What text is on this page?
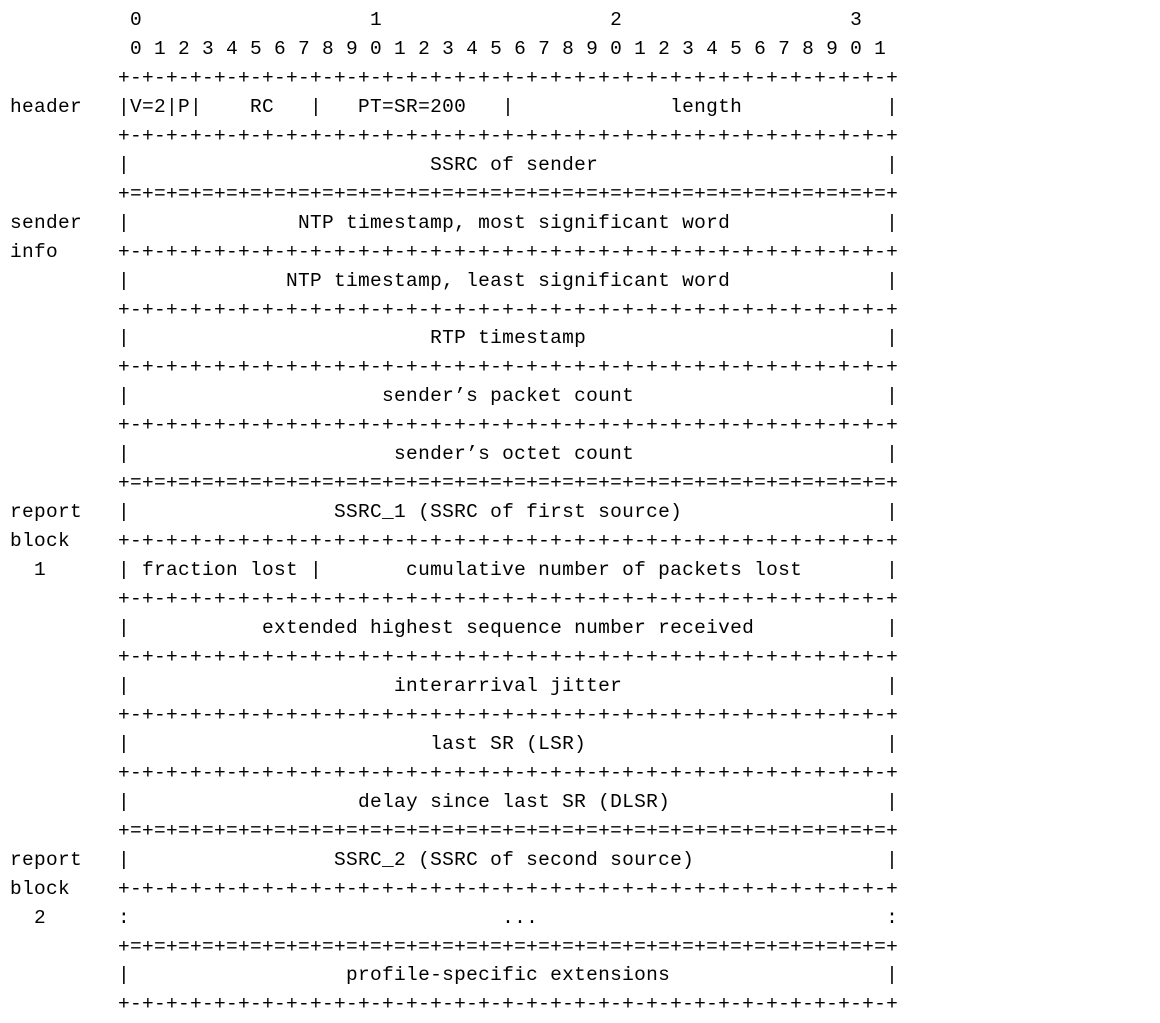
0                   1                   2                   3
0 1 2 3 4 5 6 7 8 9 0 1 2 3 4 5 6 7 8 9 0 1 2 3 4 5 6 7 8 9 0 1
+-+-+-+-+-+-+-+-+-+-+-+-+-+-+-+-+-+-+-+-+-+-+-+-+-+-+-+-+-+-+-+-+
header   |V=2|P|    RC   |   PT=SR=200   |             length            |
+-+-+-+-+-+-+-+-+-+-+-+-+-+-+-+-+-+-+-+-+-+-+-+-+-+-+-+-+-+-+-+-+
|                         SSRC of sender                        |
+=+=+=+=+=+=+=+=+=+=+=+=+=+=+=+=+=+=+=+=+=+=+=+=+=+=+=+=+=+=+=+=+
sender   |              NTP timestamp, most significant word             |
info     +-+-+-+-+-+-+-+-+-+-+-+-+-+-+-+-+-+-+-+-+-+-+-+-+-+-+-+-+-+-+-+-+
|             NTP timestamp, least significant word             |
+-+-+-+-+-+-+-+-+-+-+-+-+-+-+-+-+-+-+-+-+-+-+-+-+-+-+-+-+-+-+-+-+
|                         RTP timestamp                         |
+-+-+-+-+-+-+-+-+-+-+-+-+-+-+-+-+-+-+-+-+-+-+-+-+-+-+-+-+-+-+-+-+
|                     sender’s packet count                     |
+-+-+-+-+-+-+-+-+-+-+-+-+-+-+-+-+-+-+-+-+-+-+-+-+-+-+-+-+-+-+-+-+
|                      sender’s octet count                     |
+=+=+=+=+=+=+=+=+=+=+=+=+=+=+=+=+=+=+=+=+=+=+=+=+=+=+=+=+=+=+=+=+
report   |                 SSRC_1 (SSRC of first source)                 |
block    +-+-+-+-+-+-+-+-+-+-+-+-+-+-+-+-+-+-+-+-+-+-+-+-+-+-+-+-+-+-+-+-+
1      | fraction lost |       cumulative number of packets lost       |
+-+-+-+-+-+-+-+-+-+-+-+-+-+-+-+-+-+-+-+-+-+-+-+-+-+-+-+-+-+-+-+-+
|           extended highest sequence number received           |
+-+-+-+-+-+-+-+-+-+-+-+-+-+-+-+-+-+-+-+-+-+-+-+-+-+-+-+-+-+-+-+-+
|                      interarrival jitter                      |
+-+-+-+-+-+-+-+-+-+-+-+-+-+-+-+-+-+-+-+-+-+-+-+-+-+-+-+-+-+-+-+-+
|                         last SR (LSR)                         |
+-+-+-+-+-+-+-+-+-+-+-+-+-+-+-+-+-+-+-+-+-+-+-+-+-+-+-+-+-+-+-+-+
|                   delay since last SR (DLSR)                  |
+=+=+=+=+=+=+=+=+=+=+=+=+=+=+=+=+=+=+=+=+=+=+=+=+=+=+=+=+=+=+=+=+
report   |                 SSRC_2 (SSRC of second source)                |
block    +-+-+-+-+-+-+-+-+-+-+-+-+-+-+-+-+-+-+-+-+-+-+-+-+-+-+-+-+-+-+-+-+
2      :                               ...                             :
+=+=+=+=+=+=+=+=+=+=+=+=+=+=+=+=+=+=+=+=+=+=+=+=+=+=+=+=+=+=+=+=+
|                  profile-specific extensions                  |
+-+-+-+-+-+-+-+-+-+-+-+-+-+-+-+-+-+-+-+-+-+-+-+-+-+-+-+-+-+-+-+-+
